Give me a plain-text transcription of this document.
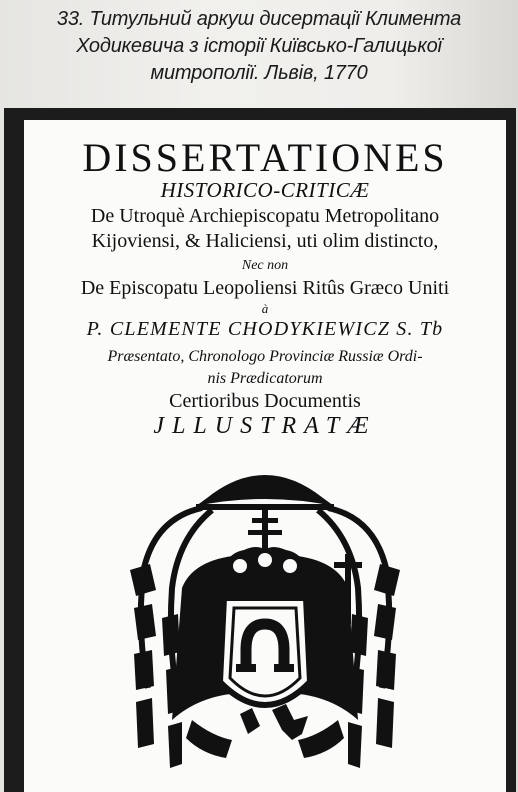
33. Титульний аркуш дисертації Климента
Ходикевича з історії Київсько-Галицької
митрополії. Львів, 1770
DISSERTATIONES
HISTORICO-CRITICÆ
De Utroquè Archiepiscopatu Metropolitano
Kijoviensi, & Haliciensi, uti olim distincto,
Nec non
De Episcopatu Leopoliensi Ritûs Græco Uniti
à
P. CLEMENTE CHODYKIEWICZ S. Tb
Præsentato, Chronologo Provinciæ Russiæ Ordi-
nis Prædicatorum
Certioribus Documentis
JLLUSTRATÆ
